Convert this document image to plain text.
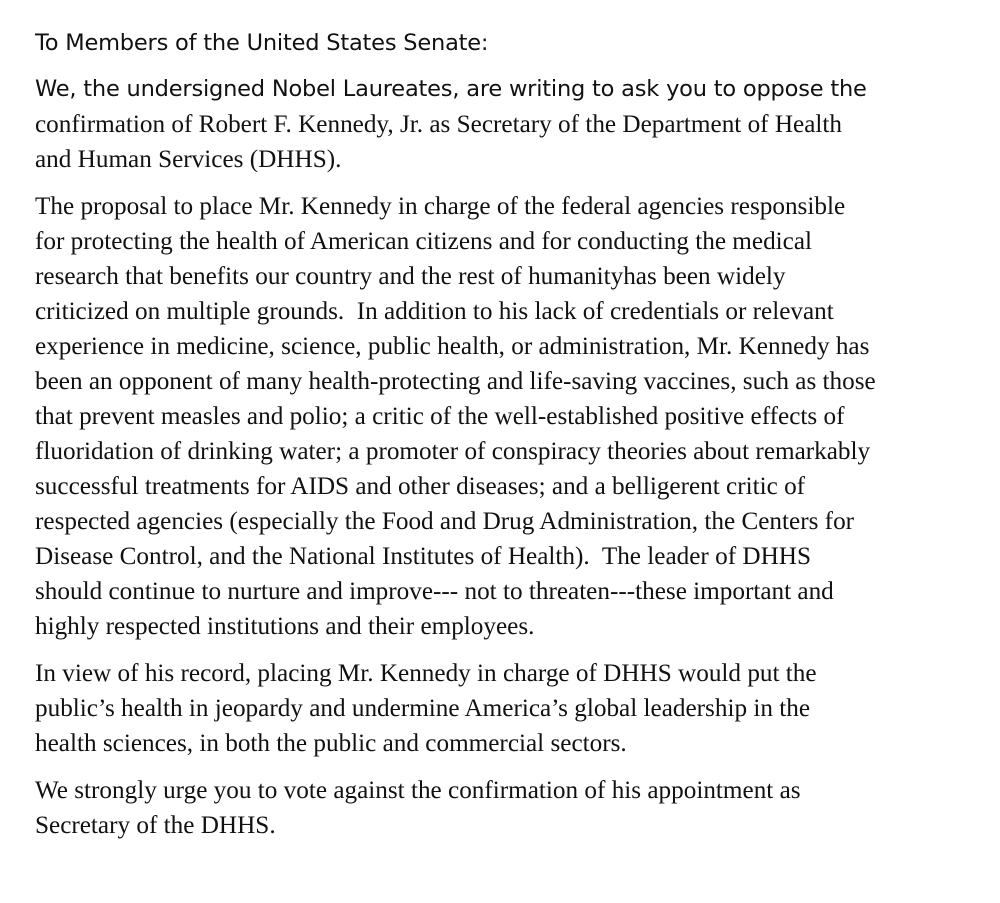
To Members of the United States Senate:

We, the undersigned Nobel Laureates, are writing to ask you to oppose the
confirmation of Robert F. Kennedy, Jr. as Secretary of the Department of Health
and Human Services (DHHS).

The proposal to place Mr. Kennedy in charge of the federal agencies responsible
for protecting the health of American citizens and for conducting the medical
research that benefits our country and the rest of humanityhas been widely
criticized on multiple grounds.  In addition to his lack of credentials or relevant
experience in medicine, science, public health, or administration, Mr. Kennedy has
been an opponent of many health-protecting and life-saving vaccines, such as those
that prevent measles and polio; a critic of the well-established positive effects of
fluoridation of drinking water; a promoter of conspiracy theories about remarkably
successful treatments for AIDS and other diseases; and a belligerent critic of
respected agencies (especially the Food and Drug Administration, the Centers for
Disease Control, and the National Institutes of Health).  The leader of DHHS
should continue to nurture and improve--- not to threaten---these important and
highly respected institutions and their employees.

In view of his record, placing Mr. Kennedy in charge of DHHS would put the
public’s health in jeopardy and undermine America’s global leadership in the
health sciences, in both the public and commercial sectors.

We strongly urge you to vote against the confirmation of his appointment as
Secretary of the DHHS.
